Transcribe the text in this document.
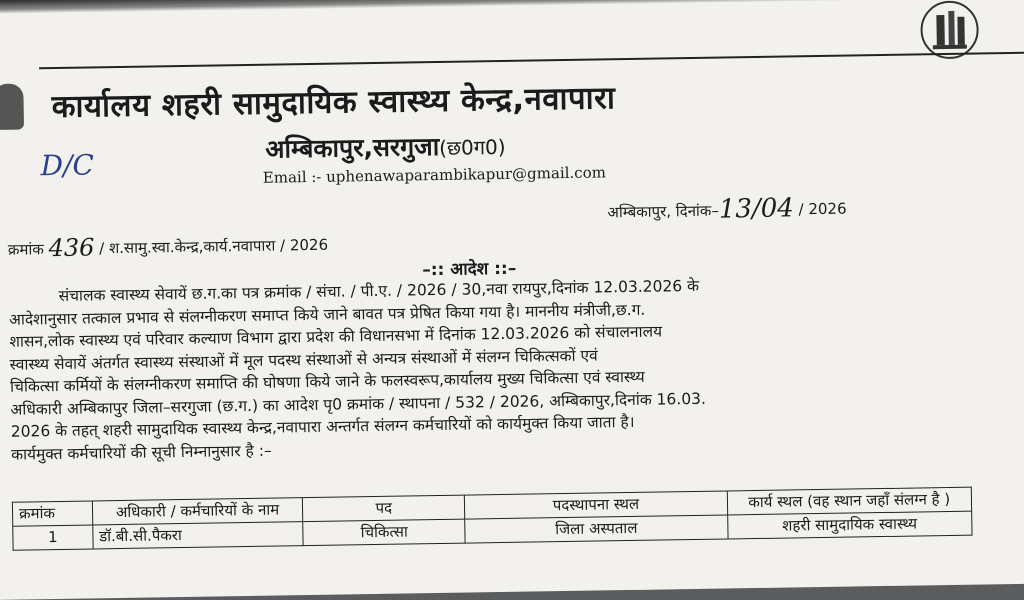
कार्यालय शहरी सामुदायिक स्वास्थ्य केन्द्र,नवापारा
अम्बिकापुर,सरगुजा(छ0ग0)
Email :- uphenawaparambikapur@gmail.com
D/C
क्रमांक 436 / श.सामु.स्वा.केन्द्र,कार्य.नवापारा / 2026
अम्बिकापुर, दिनांक–13/04 / 2026
–:: आदेश ::–

संचालक स्वास्थ्य सेवायें छ.ग.का पत्र क्रमांक / संचा. / पी.ए. / 2026 / 30,नवा रायपुर,दिनांक 12.03.2026 के

आदेशानुसार तत्काल प्रभाव से संलग्नीकरण समाप्त किये जाने बावत पत्र प्रेषित किया गया है। माननीय मंत्रीजी,छ.ग.

शासन,लोक स्वास्थ्य एवं परिवार कल्याण विभाग द्वारा प्रदेश की विधानसभा में दिनांक 12.03.2026 को संचालनालय

स्वास्थ्य सेवायें अंतर्गत स्वास्थ्य संस्थाओं में मूल पदस्थ संस्थाओं से अन्यत्र संस्थाओं में संलग्न चिकित्सकों एवं

चिकित्सा कर्मियों के संलग्नीकरण समाप्ति की घोषणा किये जाने के फलस्वरूप,कार्यालय मुख्य चिकित्सा एवं स्वास्थ्य

अधिकारी अम्बिकापुर जिला–सरगुजा (छ.ग.) का आदेश पृ0 क्रमांक / स्थापना / 532 / 2026, अम्बिकापुर,दिनांक 16.03.

2026 के तहत् शहरी सामुदायिक स्वास्थ्य केन्द्र,नवापारा अन्तर्गत संलग्न कर्मचारियों को कार्यमुक्त किया जाता है।

कार्यमुक्त कर्मचारियों की सूची निम्नानुसार है :–

क्रमांक	अधिकारी / कर्मचारियों के नाम	पद	पदस्थापना स्थल	कार्य स्थल (वह स्थान जहाँ संलग्न है )
1	डॉ.बी.सी.पैकरा	चिकित्सा	जिला अस्पताल	शहरी सामुदायिक स्वास्थ्य
